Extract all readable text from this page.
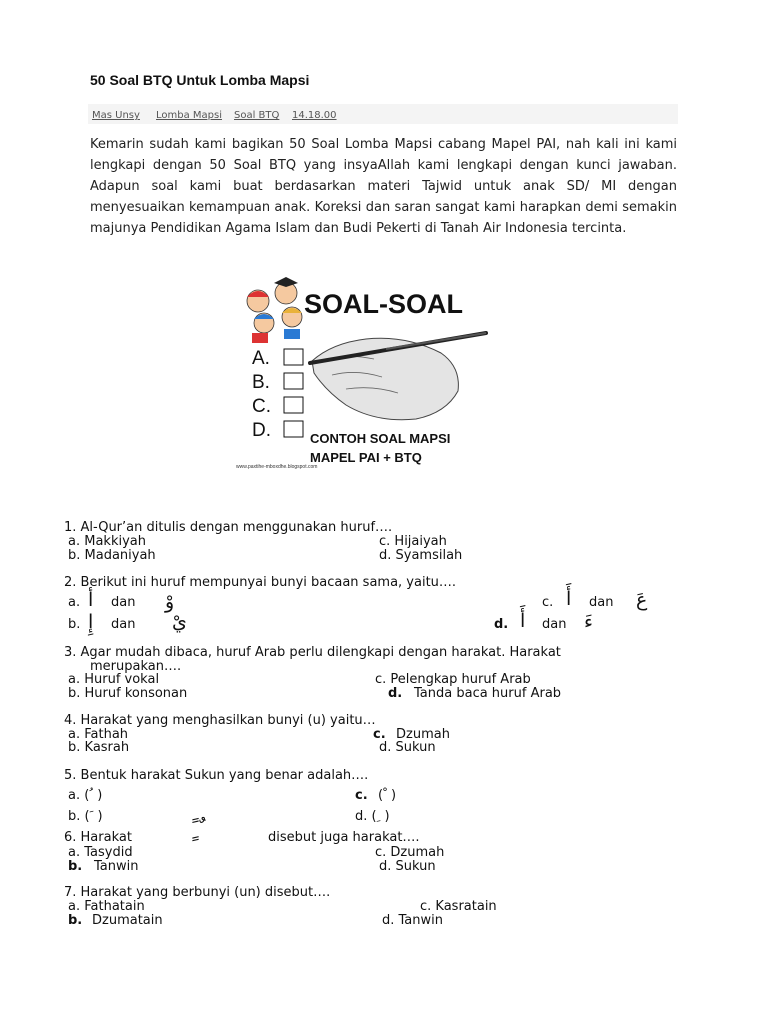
50 Soal BTQ Untuk Lomba Mapsi
Mas Unsy Lomba Mapsi Soal BTQ 14.18.00
Kemarin sudah kami bagikan 50 Soal Lomba Mapsi cabang Mapel PAI, nah kali ini kami lengkapi dengan 50 Soal BTQ yang insyaAllah kami lengkapi dengan kunci jawaban. Adapun soal kami buat berdasarkan materi Tajwid untuk anak SD/ MI dengan menyesuaikan kemampuan anak. Koreksi dan saran sangat kami harapkan demi semakin majunya Pendidikan Agama Islam dan Budi Pekerti di Tanah Air Indonesia tercinta.
SOAL-SOAL
A.
B.
C.
D.	CONTOH SOAL MAPSI
MAPEL PAI + BTQ
www.paxtihe-mboxdhe.blogspot.com
1. Al-Qur’an ditulis dengan menggunakan huruf….
a. Makkiyah
b. Madaniyah
c. Hijaiyah
d. Syamsilah
2. Berikut ini huruf mempunyai bunyi bacaan sama, yaitu….
a. أ dan وْ
b. إِ dan يْ
c. أَ dan عَ
d. أَ dan ءَ
3. Agar mudah dibaca, huruf Arab perlu dilengkapi dengan harakat. Harakat
merupakan….
a. Huruf vokal
b. Huruf konsonan
c. Pelengkap huruf Arab
d. Tanda baca huruf Arab
4. Harakat yang menghasilkan bunyi (u) yaitu…
a. Fathah
b. Kasrah
c. Dzumah
d. Sukun
5. Bentuk harakat Sukun yang benar adalah….
a. ( ُ )
b. ( َ )
c. ( ْ )
d. ( ِ )
6. Harakat	ً ٍ ٌ	disebut juga harakat….
a. Tasydid
b. Tanwin
c. Dzumah
d. Sukun
7. Harakat yang berbunyi (un) disebut….
a. Fathatain
b. Dzumatain
c. Kasratain
d. Tanwin
